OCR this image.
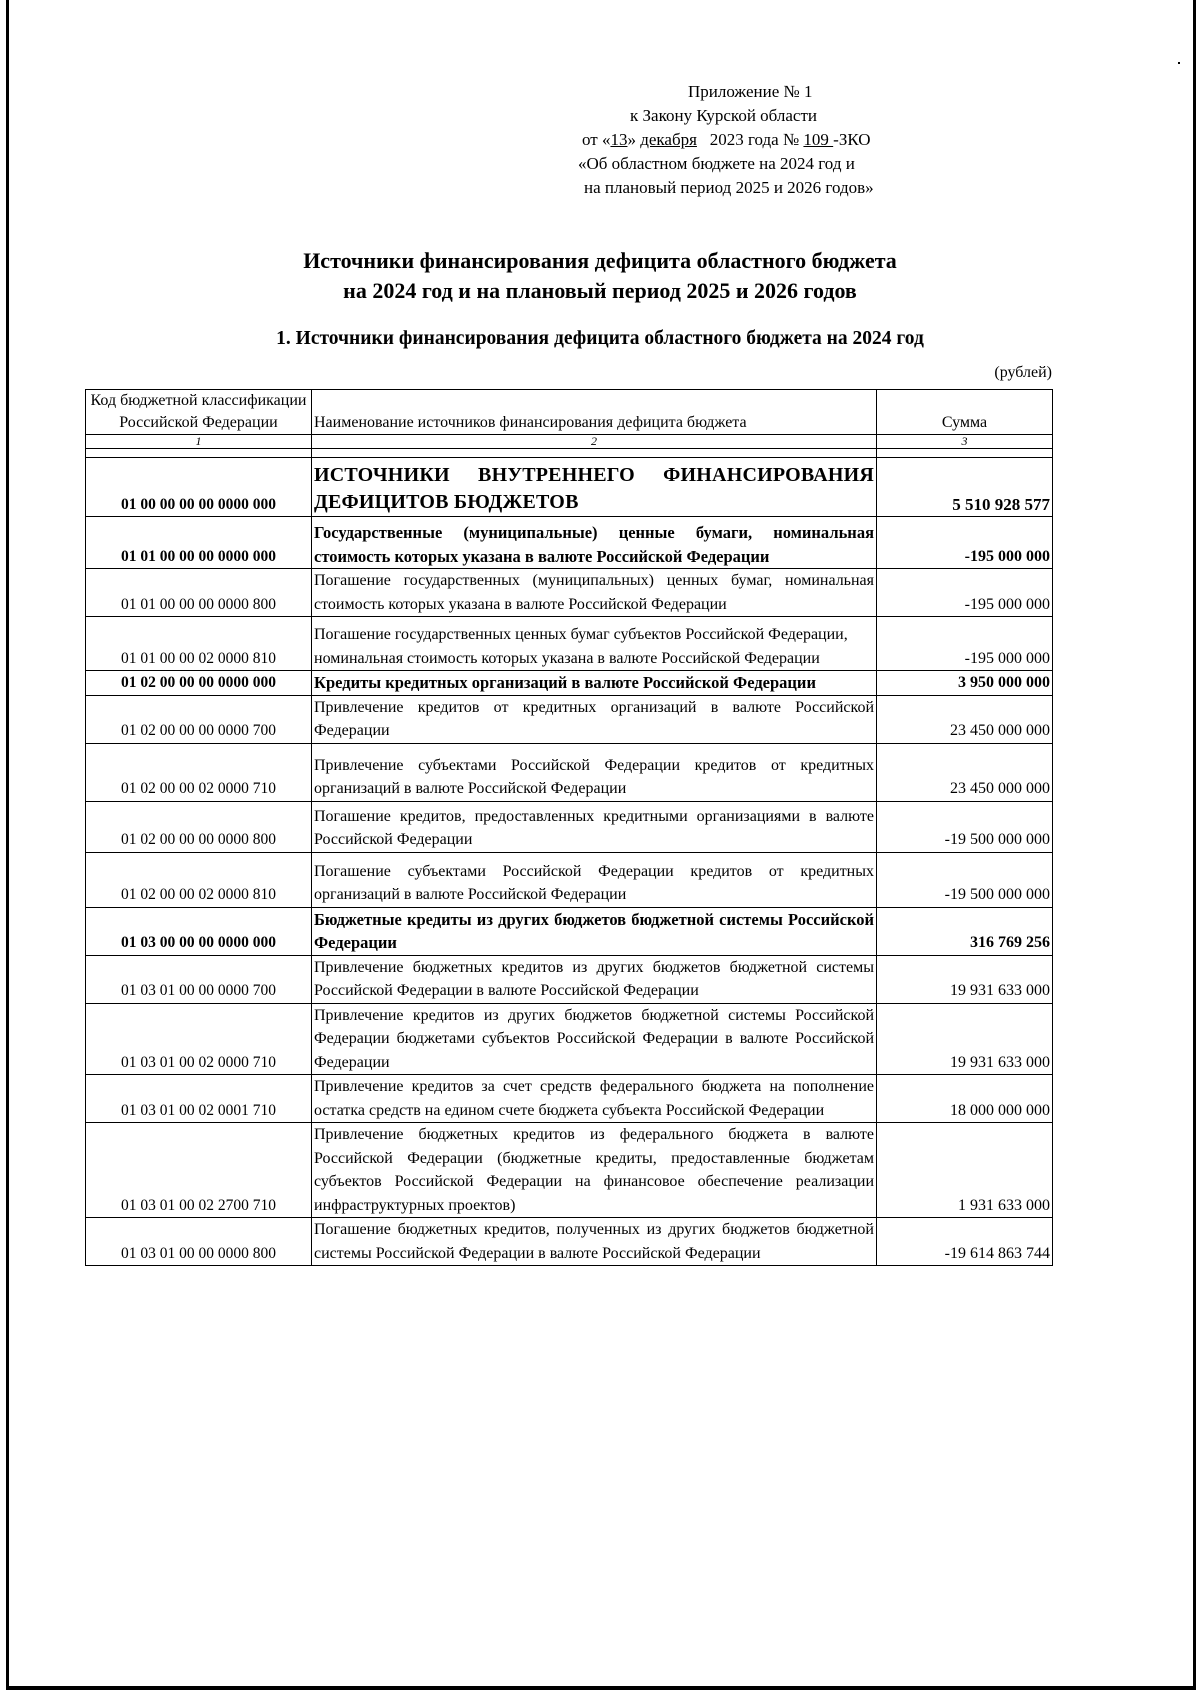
Приложение № 1
к Закону Курской области
от «13» декабря   2023 года № 109 -ЗКО
«Об областном бюджете на 2024 год и
на плановый период 2025 и 2026 годов»
Источники финансирования дефицита областного бюджета
на 2024 год и на плановый период 2025 и 2026 годов
1. Источники финансирования дефицита областного бюджета на 2024 год
(рублей)
Код бюджетной классификации Российской Федерации	Наименование источников финансирования дефицита бюджета	Сумма
1	2	3

01 00 00 00 00 0000 000	ИСТОЧНИКИ ВНУТРЕННЕГО ФИНАНСИРОВАНИЯ ДЕФИЦИТОВ БЮДЖЕТОВ	5 510 928 577
01 01 00 00 00 0000 000	Государственные (муниципальные) ценные бумаги, номинальная стоимость которых указана в валюте Российской Федерации	-195 000 000
01 01 00 00 00 0000 800	Погашение государственных (муниципальных) ценных бумаг, номинальная стоимость которых указана в валюте Российской Федерации	-195 000 000
01 01 00 00 02 0000 810	Погашение государственных ценных бумаг субъектов Российской Федерации, номинальная стоимость которых указана в валюте Российской Федерации	-195 000 000
01 02 00 00 00 0000 000	Кредиты кредитных организаций в валюте Российской Федерации	3 950 000 000
01 02 00 00 00 0000 700	Привлечение кредитов от кредитных организаций в валюте Российской Федерации	23 450 000 000
01 02 00 00 02 0000 710	Привлечение субъектами Российской Федерации кредитов от кредитных организаций в валюте Российской Федерации	23 450 000 000
01 02 00 00 00 0000 800	Погашение кредитов, предоставленных кредитными организациями в валюте Российской Федерации	-19 500 000 000
01 02 00 00 02 0000 810	Погашение субъектами Российской Федерации кредитов от кредитных организаций в валюте Российской Федерации	-19 500 000 000
01 03 00 00 00 0000 000	Бюджетные кредиты из других бюджетов бюджетной системы Российской Федерации	316 769 256
01 03 01 00 00 0000 700	Привлечение бюджетных кредитов из других бюджетов бюджетной системы Российской Федерации в валюте Российской Федерации	19 931 633 000
01 03 01 00 02 0000 710	Привлечение кредитов из других бюджетов бюджетной системы Российской Федерации бюджетами субъектов Российской Федерации в валюте Российской Федерации	19 931 633 000
01 03 01 00 02 0001 710	Привлечение кредитов за счет средств федерального бюджета на пополнение остатка средств на едином счете бюджета субъекта Российской Федерации	18 000 000 000
01 03 01 00 02 2700 710	Привлечение бюджетных кредитов из федерального бюджета в валюте Российской Федерации (бюджетные кредиты, предоставленные бюджетам субъектов Российской Федерации на финансовое обеспечение реализации инфраструктурных проектов)	1 931 633 000
01 03 01 00 00 0000 800	Погашение бюджетных кредитов, полученных из других бюджетов бюджетной системы Российской Федерации в валюте Российской Федерации	-19 614 863 744
